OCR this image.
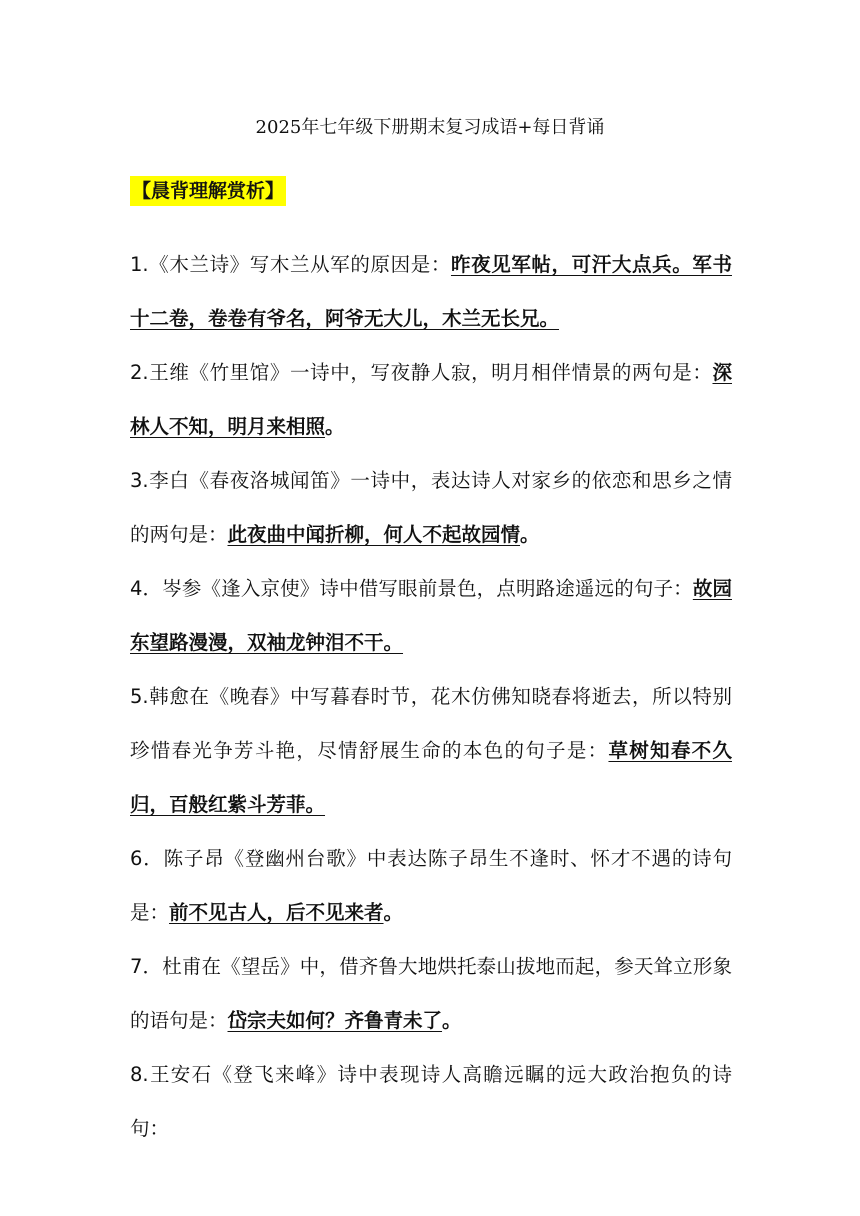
2025年七年级下册期末复习成语+每日背诵
【晨背理解赏析】

1.《木兰诗》写木兰从军的原因是：昨夜见军帖，可汗大点兵。军书十二卷，卷卷有爷名，阿爷无大儿，木兰无长兄。

2.王维《竹里馆》一诗中，写夜静人寂，明月相伴情景的两句是：深林人不知，明月来相照。

3.李白《春夜洛城闻笛》一诗中，表达诗人对家乡的依恋和思乡之情的两句是：此夜曲中闻折柳，何人不起故园情。

4．岑参《逢入京使》诗中借写眼前景色，点明路途遥远的句子：故园东望路漫漫，双袖龙钟泪不干。

5.韩愈在《晚春》中写暮春时节，花木仿佛知晓春将逝去，所以特别珍惜春光争芳斗艳，尽情舒展生命的本色的句子是：草树知春不久归，百般红紫斗芳菲。

6．陈子昂《登幽州台歌》中表达陈子昂生不逢时、怀才不遇的诗句是：前不见古人，后不见来者。

7．杜甫在《望岳》中，借齐鲁大地烘托泰山拔地而起，参天耸立形象的语句是：岱宗夫如何？齐鲁青未了。

8.王安石《登飞来峰》诗中表现诗人高瞻远瞩的远大政治抱负的诗句：
